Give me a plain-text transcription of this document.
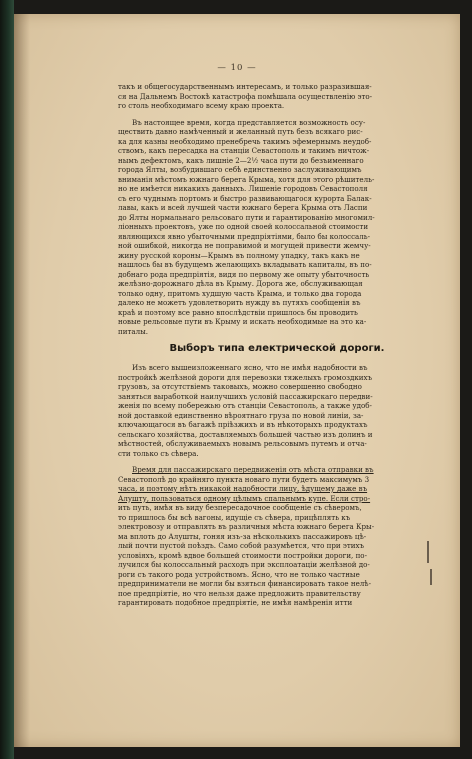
— 10 —
такъ и общегосударственнымъ интересамъ, и только разразившая-
ся на Дальнемъ Востокѣ катастрофа помѣшала осуществленію это-
го столь необходимаго всему краю проекта.
Въ настоящее время, когда представляется возможность осу-
ществить давно намѣченный и желанный путь безъ всякаго рис-
ка для казны необходимо пренебречь такимъ эфемернымъ неудоб-
ствомъ, какъ пересадка на станціи Севастополь и такимъ ничтож-
нымъ дефектомъ, какъ лишніе 2—2½ часа пути до безъименнаго
города Ялты, возбудившаго себѣ единственно заслуживающимъ
вниманія мѣстомъ южнаго берега Крыма, хотя для этого рѣшитель-
но не имѣется никакихъ данныхъ. Лишеніе городовъ Севастополя
съ его чуднымъ портомъ и быстро развивающагося курорта Балак-
лавы, какъ и всей лучшей части южнаго берега Крыма отъ Ласпи
до Ялты нормальнаго рельсоваго пути и гарантированію многомил-
ліонныхъ проектовъ, уже по одной своей колоссальной стоимости
являющихся явно убыточными предпріятіями, было бы колоссаль-
ной ошибкой, никогда не поправимой и могущей привести жемчу-
жину русской короны—Крымъ въ полному упадку, такъ какъ не
нашлось бы въ будущемъ желающихъ вкладывать капиталы, въ по-
добнаго рода предпріятія, видя по первому же опыту убыточность
желѣзно-дорожнаго дѣла въ Крыму. Дорога же, обслуживающая
только одну, притомъ худшую часть Крыма, и только два города
далеко не можетъ удовлетворить нужду въ путяхъ сообщенія въ
краѣ и поэтому все равно впослѣдствіи пришлось бы проводить
новые рельсовые пути въ Крыму и искать необходимые на это ка-
питалы.
Выборъ типа електрической дороги.
Изъ всего вышеизложеннаго ясно, что не имѣя надобности въ
постройкѣ желѣзной дороги для перевозки тяжелыхъ громоздкихъ
грузовъ, за отсутствіемъ таковыхъ, можно совершенно свободно
заняться выработкой наилучшихъ условій пассажирскаго передви-
женія по всему побережью отъ станціи Севастополь, а также удоб-
ной доставкой единственно вѣроятнаго груза по новой линіи, за-
ключающагося въ багажѣ пріѣзжихъ и въ нѣкоторыхъ продуктахъ
сельскаго хозяйства, доставляемыхъ большей частью изъ долинъ и
мѣстностей, обслуживаемыхъ новымъ рельсовымъ путемъ и отча-
сти только съ сѣвера.
Время для пассажирскаго передвиженія отъ мѣста отправки въ
Севастополѣ до крайняго пункта новаго пути будетъ максимумъ 3
часа, и поэтому нѣтъ никакой надобности лицу, ѣдущему даже въ
Алушту, пользоваться одному цѣлымъ спальнымъ купе. Если стро-
ить путь, имѣя въ виду безпересадочное сообщеніе съ сѣверомъ,
то пришлось бы всѣ вагоны, идущіе съ сѣвера, прицѣплять къ
электровозу и отправлять въ различныя мѣста южнаго берега Кры-
ма вплоть до Алушты, гоняя изъ-за нѣсколькихъ пассажировъ цѣ-
лый почти пустой поѣздъ. Само собой разумѣется, что при этихъ
условіяхъ, кромѣ вдвое большей стоимости постройки дороги, по-
лучился бы колоссальный расходъ при эксплоатаціи желѣзной до-
роги съ такого рода устройствомъ. Ясно, что не только частные
предприниматели не могли бы взяться финансировать такое нелѣ-
пое предпріятіе, но что нельзя даже предложить правительству
гарантировать подобное предпріятіе, не имѣя намѣренія итти
